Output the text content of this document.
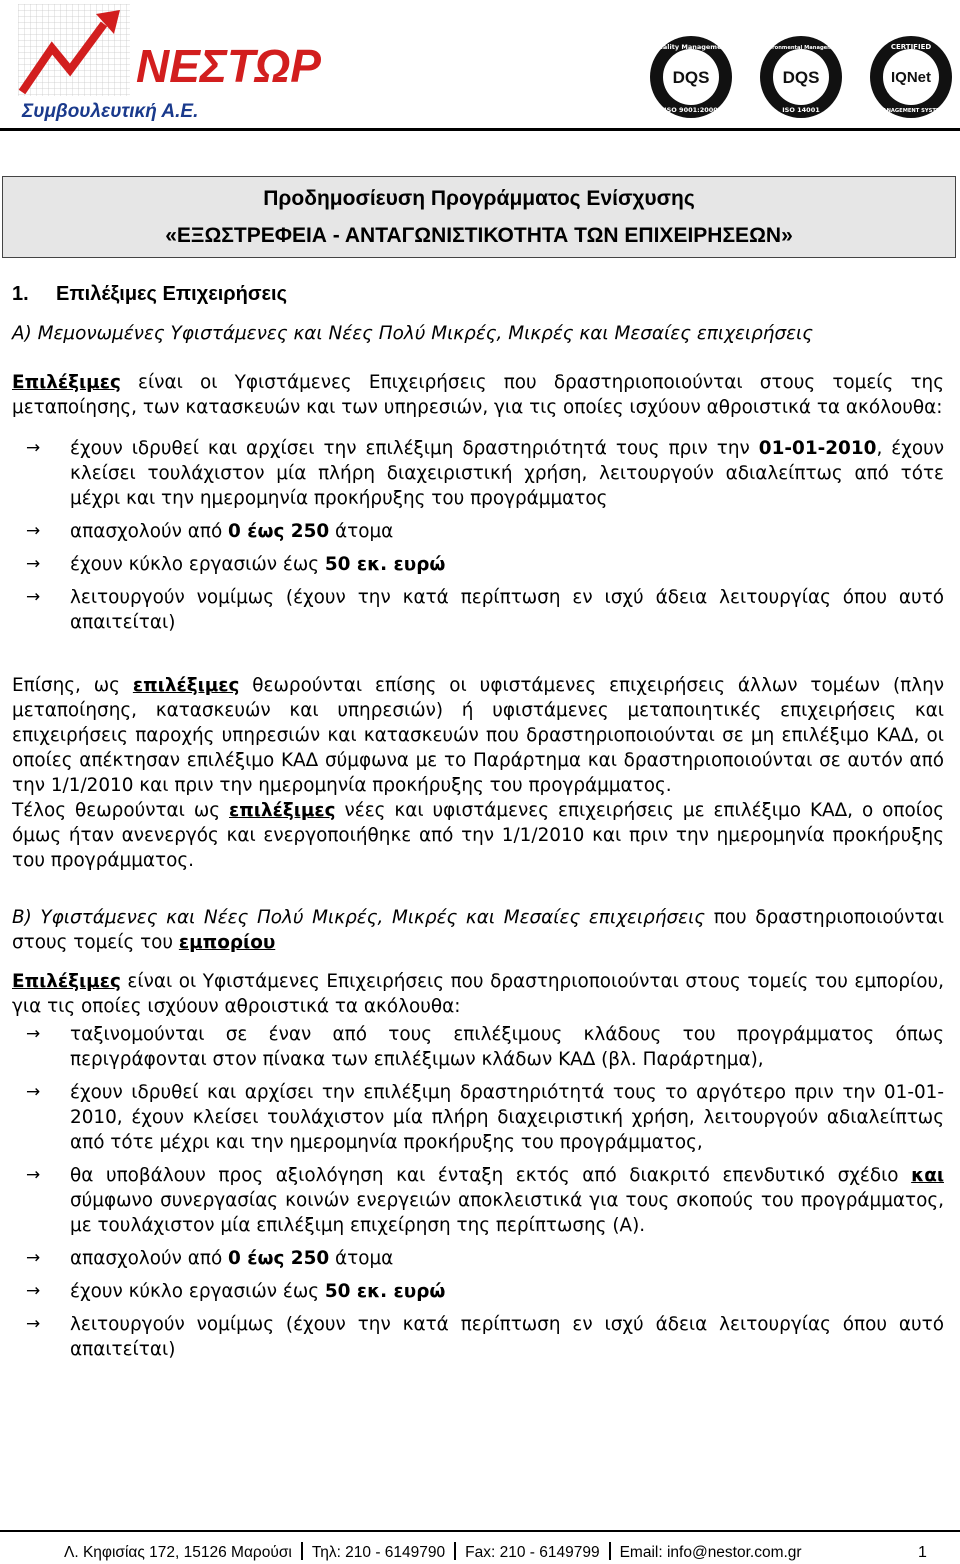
ΝΕΣΤΩΡ
Συμβουλευτική Α.Ε.
Quality Management
DQS
ISO 9001:2000
Environmental Management
DQS
ISO 14001
CERTIFIED
IQNet
MANAGEMENT SYSTEM
Προδημοσίευση Προγράμματος Ενίσχυσης
«ΕΞΩΣΤΡΕΦΕΙΑ - ΑΝΤΑΓΩΝΙΣΤΙΚΟΤΗΤΑ ΤΩΝ ΕΠΙΧΕΙΡΗΣΕΩΝ»
1. Επιλέξιμες Επιχειρήσεις

Α) Μεμονωμένες Υφιστάμενες και Νέες Πολύ Μικρές, Μικρές και Μεσαίες επιχειρήσεις

Επιλέξιμες είναι οι Υφιστάμενες Επιχειρήσεις που δραστηριοποιούνται στους τομείς της μεταποίησης, των κατασκευών και των υπηρεσιών, για τις οποίες ισχύουν αθροιστικά τα ακόλουθα:

→ έχουν ιδρυθεί και αρχίσει την επιλέξιμη δραστηριότητά τους πριν την 01-01-2010, έχουν κλείσει τουλάχιστον μία πλήρη διαχειριστική χρήση, λειτουργούν αδιαλείπτως από τότε μέχρι και την ημερομηνία προκήρυξης του προγράμματος
→ απασχολούν από 0 έως 250 άτομα
→ έχουν κύκλο εργασιών έως 50 εκ. ευρώ
→ λειτουργούν νομίμως (έχουν την κατά περίπτωση εν ισχύ άδεια λειτουργίας όπου αυτό απαιτείται)

Επίσης, ως επιλέξιμες θεωρούνται επίσης οι υφιστάμενες επιχειρήσεις άλλων τομέων (πλην μεταποίησης, κατασκευών και υπηρεσιών) ή υφιστάμενες μεταποιητικές επιχειρήσεις και επιχειρήσεις παροχής υπηρεσιών και κατασκευών που δραστηριοποιούνται σε μη επιλέξιμο ΚΑΔ, οι οποίες απέκτησαν επιλέξιμο ΚΑΔ σύμφωνα με το Παράρτημα και δραστηριοποιούνται σε αυτόν από την 1/1/2010 και πριν την ημερομηνία προκήρυξης του προγράμματος.

Τέλος θεωρούνται ως επιλέξιμες νέες και υφιστάμενες επιχειρήσεις με επιλέξιμο ΚΑΔ, ο οποίος όμως ήταν ανενεργός και ενεργοποιήθηκε από την 1/1/2010 και πριν την ημερομηνία προκήρυξης του προγράμματος.

Β) Υφιστάμενες και Νέες Πολύ Μικρές, Μικρές και Μεσαίες επιχειρήσεις που δραστηριοποιούνται στους τομείς του εμπορίου

Επιλέξιμες είναι οι Υφιστάμενες Επιχειρήσεις που δραστηριοποιούνται στους τομείς του εμπορίου, για τις οποίες ισχύουν αθροιστικά τα ακόλουθα:

→ ταξινομούνται σε έναν από τους επιλέξιμους κλάδους του προγράμματος όπως περιγράφονται στον πίνακα των επιλέξιμων κλάδων ΚΑΔ (βλ. Παράρτημα),
→ έχουν ιδρυθεί και αρχίσει την επιλέξιμη δραστηριότητά τους το αργότερο πριν την 01-01-2010, έχουν κλείσει τουλάχιστον μία πλήρη διαχειριστική χρήση, λειτουργούν αδιαλείπτως από τότε μέχρι και την ημερομηνία προκήρυξης του προγράμματος,
→ θα υποβάλουν προς αξιολόγηση και ένταξη εκτός από διακριτό επενδυτικό σχέδιο και σύμφωνο συνεργασίας κοινών ενεργειών αποκλειστικά για τους σκοπούς του προγράμματος, με τουλάχιστον μία επιλέξιμη επιχείρηση της περίπτωσης (Α).
→ απασχολούν από 0 έως 250 άτομα
→ έχουν κύκλο εργασιών έως 50 εκ. ευρώ
→ λειτουργούν νομίμως (έχουν την κατά περίπτωση εν ισχύ άδεια λειτουργίας όπου αυτό απαιτείται)
Λ. Κηφισίας 172, 15126 Μαρούσι Τηλ: 210 - 6149790 Fax: 210 - 6149799 Email: info@nestor.com.gr	1
